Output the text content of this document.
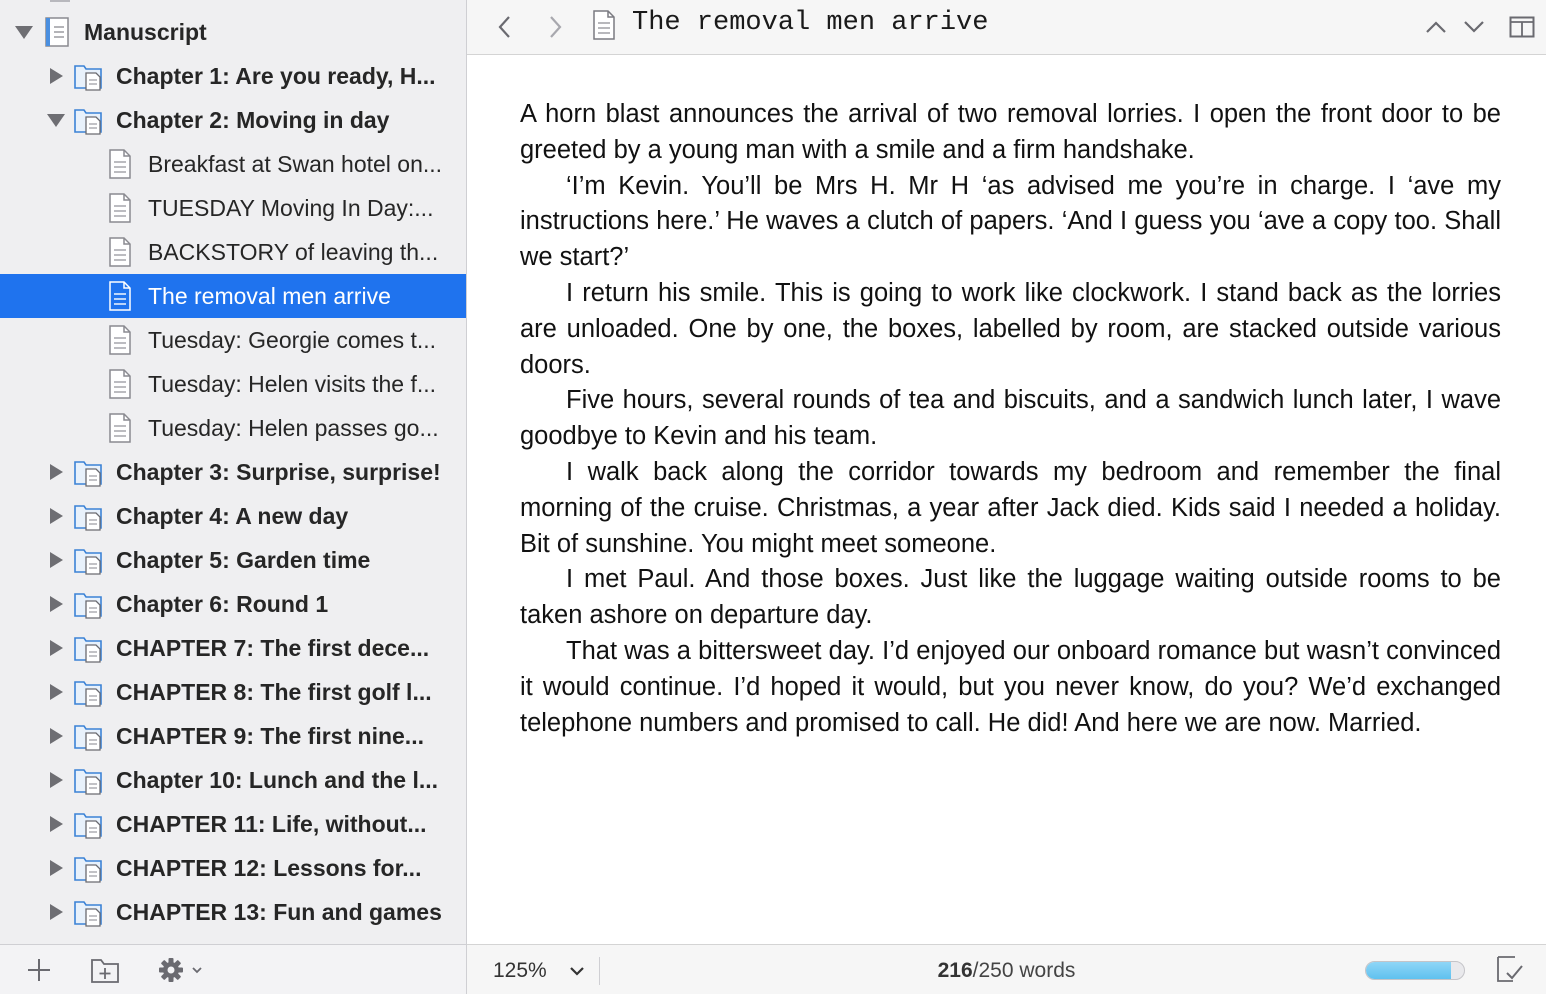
Manuscript
Chapter 1: Are you ready, H...
Chapter 2: Moving in day
Breakfast at Swan hotel on...
TUESDAY Moving In Day:...
BACKSTORY of leaving th...
The removal men arrive
Tuesday: Georgie comes t...
Tuesday: Helen visits the f...
Tuesday: Helen passes go...
Chapter 3: Surprise, surprise!
Chapter 4: A new day
Chapter 5: Garden time
Chapter 6: Round 1
CHAPTER 7: The first dece...
CHAPTER 8: The first golf l...
CHAPTER 9: The first nine...
Chapter 10: Lunch and the l...
CHAPTER 11: Life, without...
CHAPTER 12: Lessons for...
CHAPTER 13: Fun and games
The removal men arrive

A horn blast announces the arrival of two removal lorries. I open the front door to be greeted by a young man with a smile and a firm handshake.

‘I’m Kevin. You’ll be Mrs H. Mr H ‘as advised me you’re in charge. I ‘ave my instructions here.’ He waves a clutch of papers. ‘And I guess you ‘ave a copy too. Shall we start?’

I return his smile. This is going to work like clockwork. I stand back as the lorries are unloaded. One by one, the boxes, labelled by room, are stacked outside various doors.

Five hours, several rounds of tea and biscuits, and a sandwich lunch later, I wave goodbye to Kevin and his team.

I walk back along the corridor towards my bedroom and remember the final morning of the cruise. Christmas, a year after Jack died. Kids said I needed a holiday. Bit of sunshine. You might meet someone.

I met Paul. And those boxes. Just like the luggage waiting outside rooms to be taken ashore on departure day.

That was a bittersweet day. I’d enjoyed our onboard romance but wasn’t convinced it would continue. I’d hoped it would, but you never know, do you? We’d exchanged telephone numbers and promised to call. He did! And here we are now. Married.

125%	216/250 words
